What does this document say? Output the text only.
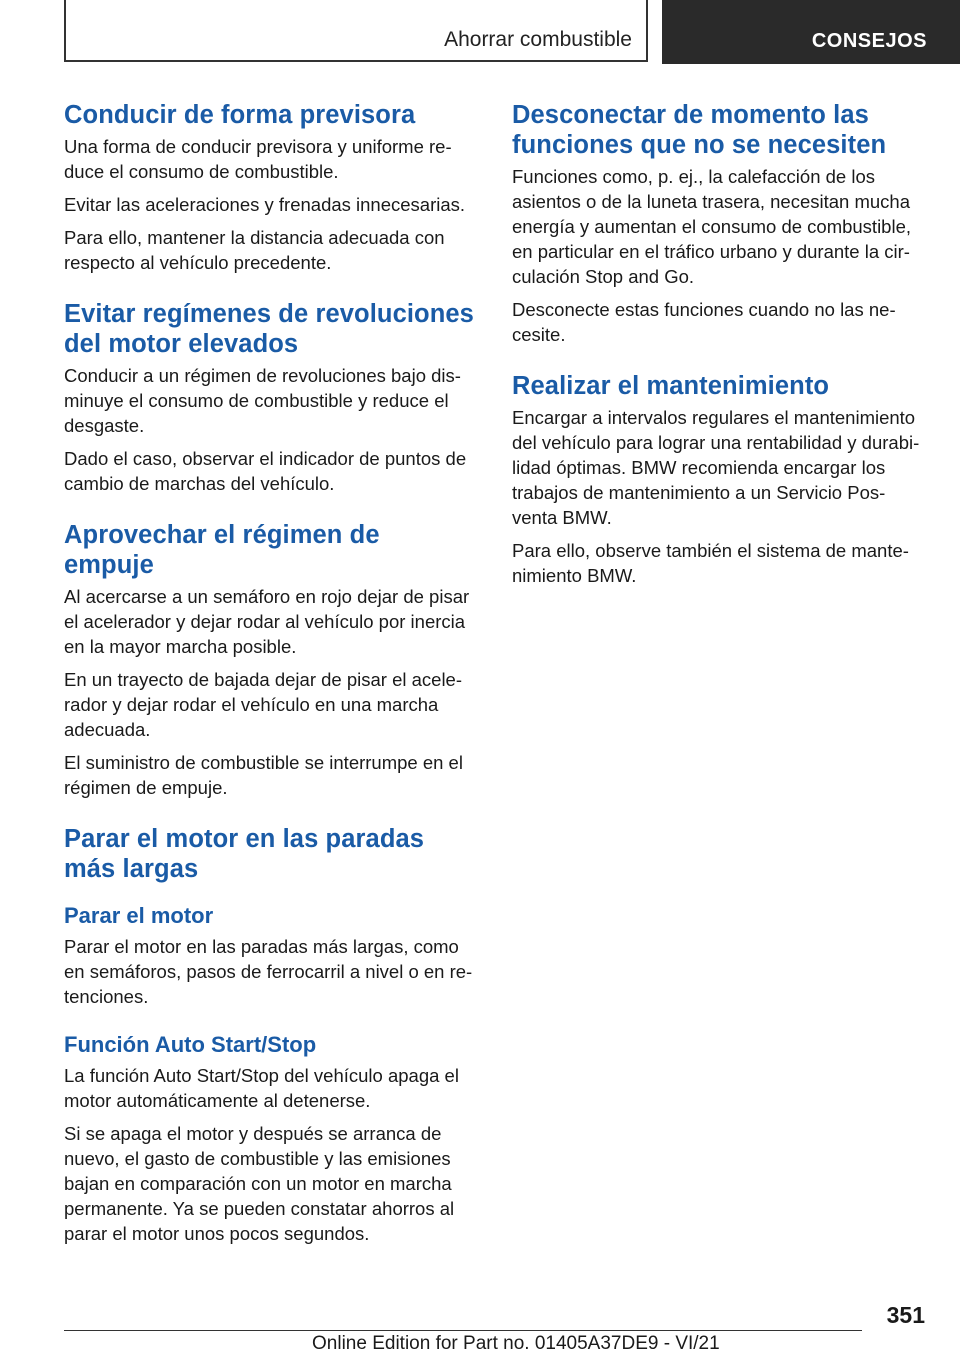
Ahorrar combustible	CONSEJOS
Conducir de forma previsora

Una forma de conducir previsora y uniforme re-
duce el consumo de combustible.

Evitar las aceleraciones y frenadas innecesarias.

Para ello, mantener la distancia adecuada con
respecto al vehículo precedente.

Evitar regímenes de revoluciones
del motor elevados

Conducir a un régimen de revoluciones bajo dis-
minuye el consumo de combustible y reduce el
desgaste.

Dado el caso, observar el indicador de puntos de
cambio de marchas del vehículo.

Aprovechar el régimen de
empuje

Al acercarse a un semáforo en rojo dejar de pisar
el acelerador y dejar rodar al vehículo por inercia
en la mayor marcha posible.

En un trayecto de bajada dejar de pisar el acele-
rador y dejar rodar el vehículo en una marcha
adecuada.

El suministro de combustible se interrumpe en el
régimen de empuje.

Parar el motor en las paradas
más largas
Parar el motor

Parar el motor en las paradas más largas, como
en semáforos, pasos de ferrocarril a nivel o en re-
tenciones.

Función Auto Start/Stop

La función Auto Start/Stop del vehículo apaga el
motor automáticamente al detenerse.

Si se apaga el motor y después se arranca de
nuevo, el gasto de combustible y las emisiones
bajan en comparación con un motor en marcha
permanente. Ya se pueden constatar ahorros al
parar el motor unos pocos segundos.

Desconectar de momento las
funciones que no se necesiten

Funciones como, p. ej., la calefacción de los
asientos o de la luneta trasera, necesitan mucha
energía y aumentan el consumo de combustible,
en particular en el tráfico urbano y durante la cir-
culación Stop and Go.

Desconecte estas funciones cuando no las ne-
cesite.

Realizar el mantenimiento

Encargar a intervalos regulares el mantenimiento
del vehículo para lograr una rentabilidad y durabi-
lidad óptimas. BMW recomienda encargar los
trabajos de mantenimiento a un Servicio Pos-
venta BMW.

Para ello, observe también el sistema de mante-
nimiento BMW.

351
Online Edition for Part no. 01405A37DE9 - VI/21
